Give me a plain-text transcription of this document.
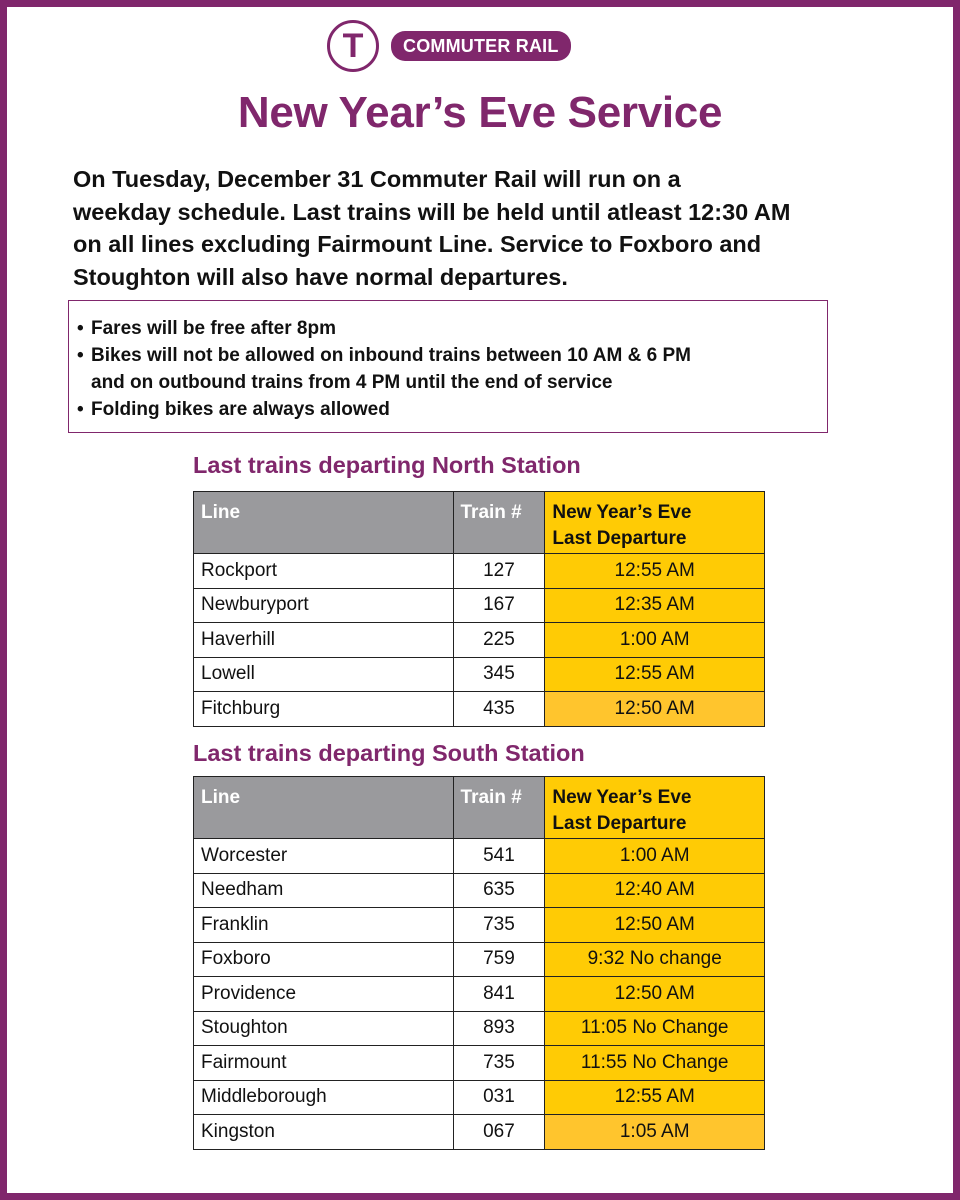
T	COMMUTER RAIL
New Year’s Eve Service
On Tuesday, December 31 Commuter Rail will run on a
weekday schedule. Last trains will be held until atleast 12:30 AM
on all lines excluding Fairmount Line. Service to Foxboro and
Stoughton will also have normal departures.
• Fares will be free after 8pm
• Bikes will not be allowed on inbound trains between 10 AM & 6 PM
and on outbound trains from 4 PM until the end of service
• Folding bikes are always allowed
Last trains departing North Station
Line	Train #	New Year’s Eve
Last Departure

Rockport	127	12:55 AM
Newburyport	167	12:35 AM
Haverhill	225	1:00 AM
Lowell	345	12:55 AM
Fitchburg	435	12:50 AM
Last trains departing South Station
Line	Train #	New Year’s Eve
Last Departure

Worcester	541	1:00 AM
Needham	635	12:40 AM
Franklin	735	12:50 AM
Foxboro	759	9:32 No change
Providence	841	12:50 AM
Stoughton	893	11:05 No Change
Fairmount	735	11:55 No Change
Middleborough	031	12:55 AM
Kingston	067	1:05 AM
